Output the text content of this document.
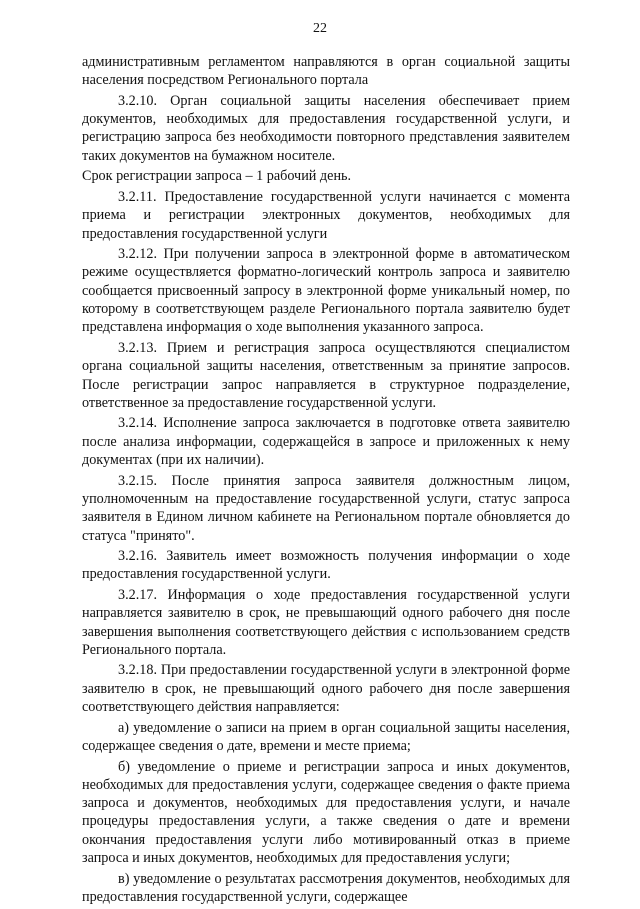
22

административным регламентом направляются в орган социальной защиты населения посредством Регионального портала

3.2.10. Орган социальной защиты населения обеспечивает прием документов, необходимых для предоставления государственной услуги, и регистрацию запроса без необходимости повторного представления заявителем таких документов на бумажном носителе.

Срок регистрации запроса – 1 рабочий день.

3.2.11. Предоставление государственной услуги начинается с момента приема и регистрации электронных документов, необходимых для предоставления государственной услуги

3.2.12. При получении запроса в электронной форме в автоматическом режиме осуществляется форматно-логический контроль запроса и заявителю сообщается присвоенный запросу в электронной форме уникальный номер, по которому в соответствующем разделе Регионального портала заявителю будет представлена информация о ходе выполнения указанного запроса.

3.2.13. Прием и регистрация запроса осуществляются специалистом органа социальной защиты населения, ответственным за принятие запросов. После регистрации запрос направляется в структурное подразделение, ответственное за предоставление государственной услуги.

3.2.14. Исполнение запроса заключается в подготовке ответа заявителю после анализа информации, содержащейся в запросе и приложенных к нему документах (при их наличии).

3.2.15. После принятия запроса заявителя должностным лицом, уполномоченным на предоставление государственной услуги, статус запроса заявителя в Едином личном кабинете на Региональном портале обновляется до статуса "принято".

3.2.16. Заявитель имеет возможность получения информации о ходе предоставления государственной услуги.

3.2.17. Информация о ходе предоставления государственной услуги направляется заявителю в срок, не превышающий одного рабочего дня после завершения выполнения соответствующего действия с использованием средств Регионального портала.

3.2.18. При предоставлении государственной услуги в электронной форме заявителю в срок, не превышающий одного рабочего дня после завершения соответствующего действия направляется:

а) уведомление о записи на прием в орган социальной защиты населения, содержащее сведения о дате, времени и месте приема;

б) уведомление о приеме и регистрации запроса и иных документов, необходимых для предоставления услуги, содержащее сведения о факте приема запроса и документов, необходимых для предоставления услуги, и начале процедуры предоставления услуги, а также сведения о дате и времени окончания предоставления услуги либо мотивированный отказ в приеме запроса и иных документов, необходимых для предоставления услуги;

в) уведомление о результатах рассмотрения документов, необходимых для предоставления государственной услуги, содержащее
